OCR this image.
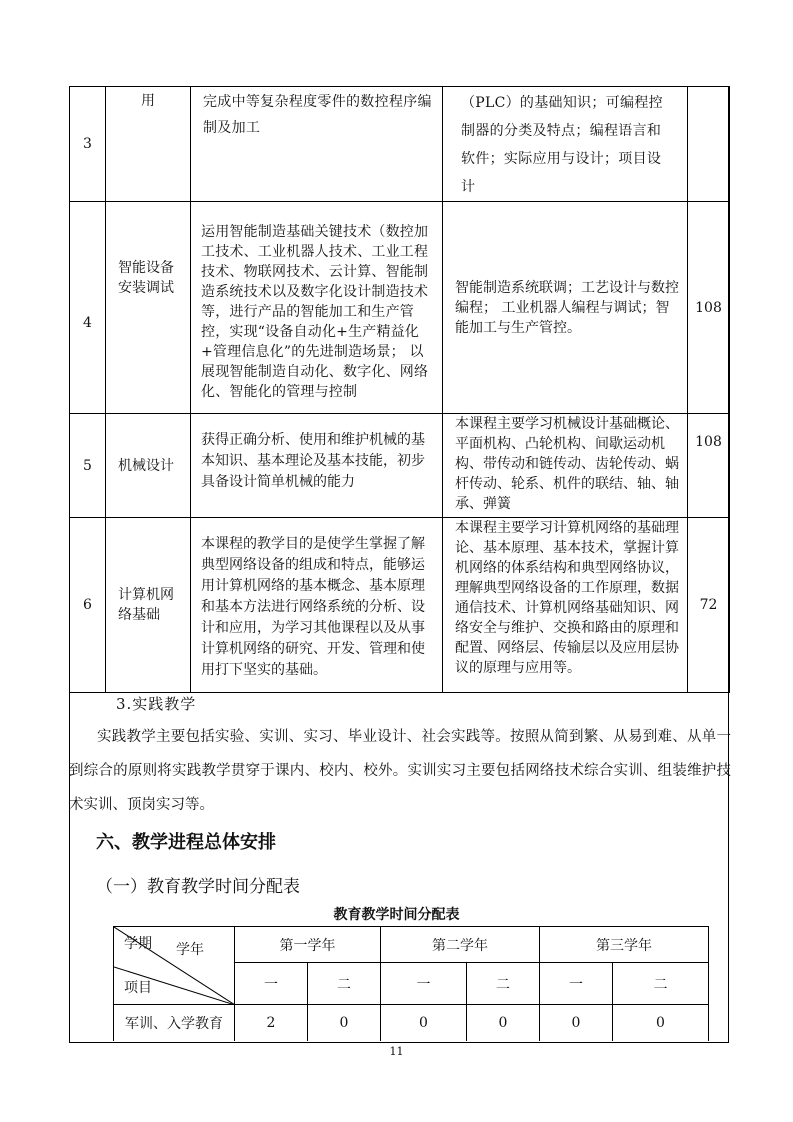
3	用	完成中等复杂程度零件的数控程序编制及加工	（PLC）的基础知识；可编程控制器的分类及特点；编程语言和软件；实际应用与设计；项目设计	

4	智能设备安装调试	运用智能制造基础关键技术（数控加工技术、工业机器人技术、工业工程技术、物联网技术、云计算、智能制造系统技术以及数字化设计制造技术等，进行产品的智能加工和生产管控，实现“设备自动化+生产精益化+管理信息化”的先进制造场景； 以展现智能制造自动化、数字化、网络化、智能化的管理与控制	智能制造系统联调；工艺设计与数控编程； 工业机器人编程与调试；智能加工与生产管控。	108
5	机械设计	获得正确分析、使用和维护机械的基本知识、基本理论及基本技能，初步具备设计简单机械的能力	本课程主要学习机械设计基础概论、平面机构、凸轮机构、间歇运动机构、带传动和链传动、齿轮传动、蜗杆传动、轮系、机件的联结、轴、轴承、弹簧	108
6	计算机网络基础	本课程的教学目的是使学生掌握了解典型网络设备的组成和特点，能够运用计算机网络的基本概念、基本原理和基本方法进行网络系统的分析、设计和应用，为学习其他课程以及从事计算机网络的研究、开发、管理和使用打下坚实的基础。	本课程主要学习计算机网络的基础理论、基本原理、基本技术，掌握计算机网络的体系结构和典型网络协议，理解典型网络设备的工作原理，数据通信技术、计算机网络基础知识、网络安全与维护、交换和路由的原理和配置、网络层、传输层以及应用层协议的原理与应用等。	72
3.实践教学
实践教学主要包括实验、实训、实习、毕业设计、社会实践等。按照从简到繁、从易到难、从单一到综合的原则将实践教学贯穿于课内、校内、校外。实训实习主要包括网络技术综合实训、组装维护技术实训、顶岗实习等。
六、教学进程总体安排
（一）教育教学时间分配表
教育教学时间分配表
学期 学年
项目	第一学年		第二学年		第三学年	
	一	二	一	二	一	二
军训、入学教育	2	0	0	0	0	0
11
